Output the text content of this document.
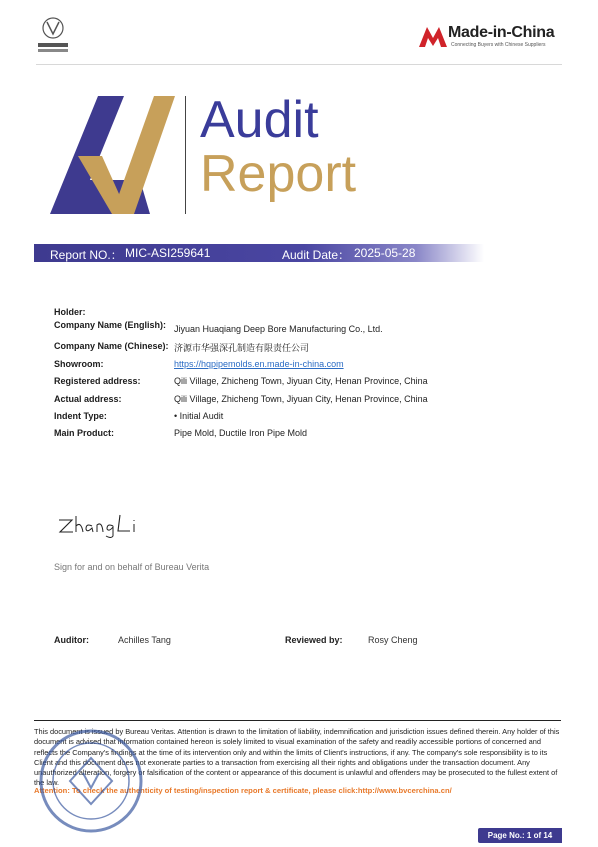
Made-in-China
Connecting Buyers with Chinese Suppliers
Audit
Report
Report NO.： MIC-ASI259641	Audit Date： 2025-05-28
Holder:
Company Name (English): Jiyuan Huaqiang Deep Bore Manufacturing Co., Ltd.
Company Name (Chinese): 济源市华强深孔制造有限责任公司
Showroom:	https://hqpipemolds.en.made-in-china.com
Registered address:	Qili Village, Zhicheng Town, Jiyuan City, Henan Province, China
Actual address:	Qili Village, Zhicheng Town, Jiyuan City, Henan Province, China
Indent Type:	• Initial Audit
Main Product:	Pipe Mold, Ductile Iron Pipe Mold
Sign for and on behalf of Bureau Verita
Auditor:	Achilles Tang	Reviewed by:	Rosy Cheng
This document is issued by Bureau Veritas. Attention is drawn to the limitation of liability, indemnification and jurisdiction issues defined therein. Any holder of this document is advised that information contained hereon is solely limited to visual examination of the safety and readily accessible portions of concerned and reflects the Company's findings at the time of its intervention only and within the limits of Client's instructions, if any. The company's sole responsibility is to its Client and this document does not exonerate parties to a transaction from exercising all their rights and obligations under the transaction document. Any unauthorized alteration, forgery or falsification of the content or appearance of this document is unlawful and offenders may be prosecuted to the fullest extent of the law.
Attention: To check the authenticity of testing/inspection report & certificate, please click:http://www.bvcerchina.cn/
Page No.: 1 of 14
